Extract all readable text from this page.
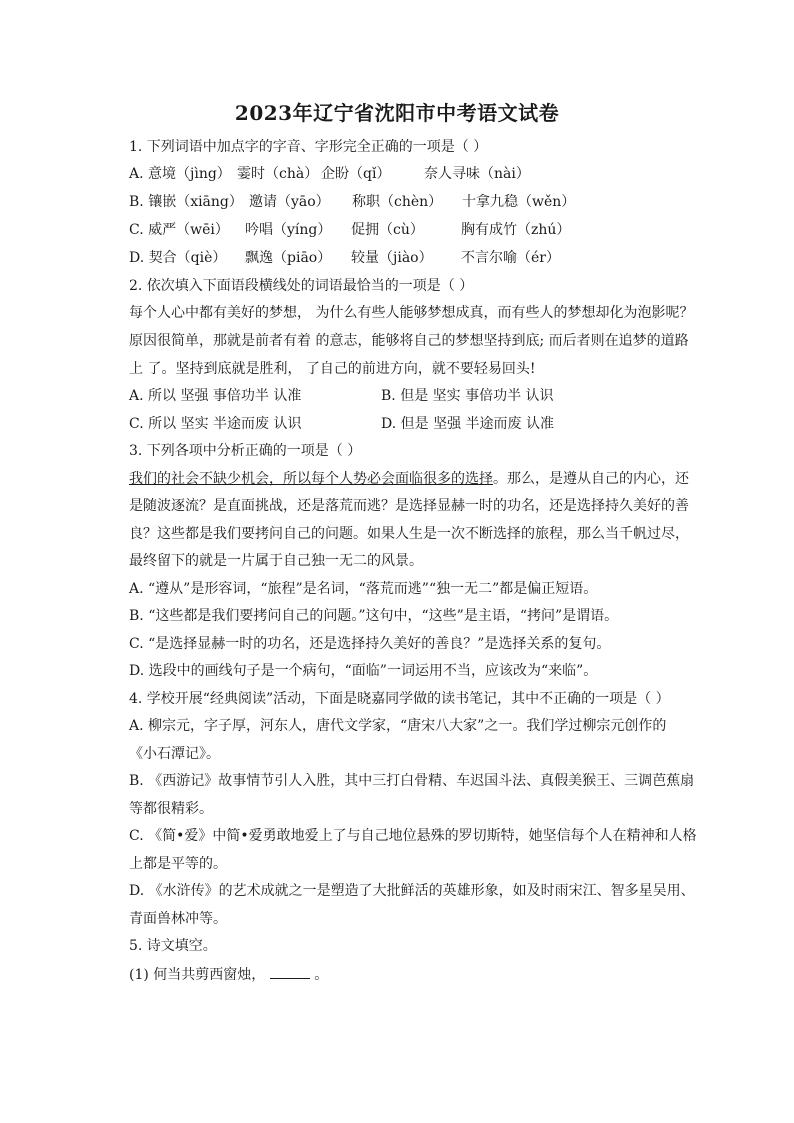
2023年辽宁省沈阳市中考语文试卷
1. 下列词语中加点字的字音、字形完全正确的一项是（ ）
A. 意境（jìng） 霎时（chà） 企盼（qǐ） 奈人寻味（nài）
B. 镶嵌（xiāng） 邀请（yāo） 称职（chèn） 十拿九稳（wěn）
C. 威严（wēi） 吟唱（yíng） 促拥（cù）	胸有成竹（zhú）
D. 契合（qiè） 飘逸（piāo） 较量（jiào） 不言尔喻（ér）
2. 依次填入下面语段横线处的词语最恰当的一项是（ ）
每个人心中都有美好的梦想， 为什么有些人能够梦想成真，而有些人的梦想却化为泡影呢？
原因很简单，那就是前者有着 的意志，能够将自己的梦想坚持到底; 而后者则在追梦的道路
上 了。坚持到底就是胜利， 了自己的前进方向，就不要轻易回头!
A. 所以 坚强 事倍功半 认准	B. 但是 坚实 事倍功半 认识
C. 所以 坚实 半途而废 认识	D. 但是 坚强 半途而废 认准
3. 下列各项中分析正确的一项是（ ）
我们的社会不缺少机会，所以每个人势必会面临很多的选择。那么，是遵从自己的内心，还
是随波逐流？是直面挑战，还是落荒而逃？是选择显赫一时的功名，还是选择持久美好的善
良？这些都是我们要拷问自己的问题。如果人生是一次不断选择的旅程，那么当千帆过尽，
最终留下的就是一片属于自己独一无二的风景。
A. “遵从”是形容词，“旅程”是名词，“落荒而逃”“独一无二”都是偏正短语。
B. “这些都是我们要拷问自己的问题。”这句中，“这些”是主语，“拷问”是谓语。
C. “是选择显赫一时的功名，还是选择持久美好的善良？”是选择关系的复句。
D. 选段中的画线句子是一个病句，“面临”一词运用不当，应该改为“来临”。
4. 学校开展“经典阅读”活动，下面是晓嘉同学做的读书笔记，其中不正确的一项是（ ）
A. 柳宗元，字子厚，河东人，唐代文学家，“唐宋八大家”之一。我们学过柳宗元创作的
《小石潭记》。
B. 《西游记》故事情节引人入胜，其中三打白骨精、车迟国斗法、真假美猴王、三调芭蕉扇
等都很精彩。
C. 《简•爱》中简•爱勇敢地爱上了与自己地位悬殊的罗切斯特，她坚信每个人在精神和人格
上都是平等的。
D. 《水浒传》的艺术成就之一是塑造了大批鲜活的英雄形象，如及时雨宋江、智多星吴用、
青面兽林冲等。
5. 诗文填空。
(1) 何当共剪西窗烛，	。
